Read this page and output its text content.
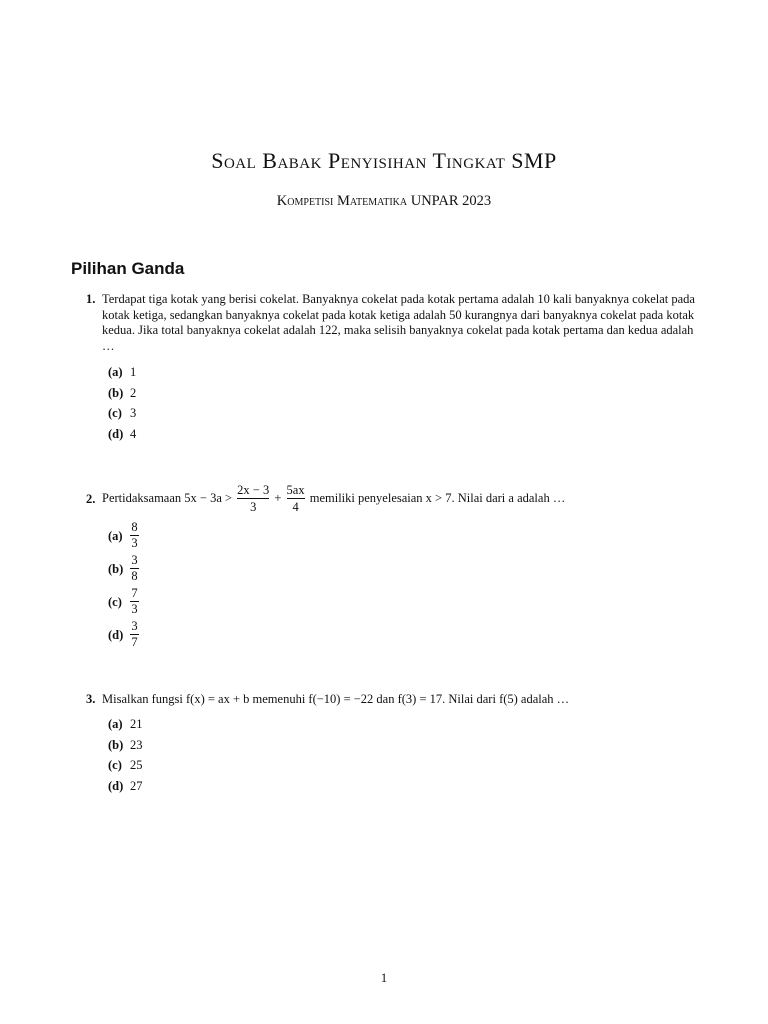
Soal Babak Penyisihan Tingkat SMP
Kompetisi Matematika UNPAR 2023
Pilihan Ganda
1. Terdapat tiga kotak yang berisi cokelat. Banyaknya cokelat pada kotak pertama adalah 10 kali banyaknya cokelat pada
kotak ketiga, sedangkan banyaknya cokelat pada kotak ketiga adalah 50 kurangnya dari banyaknya cokelat pada kotak
kedua. Jika total banyaknya cokelat adalah 122, maka selisih banyaknya cokelat pada kotak pertama dan kedua adalah
…
(a) 1
(b) 2
(c) 3
(d) 4
2. Pertidaksamaan $5x - 3a > \frac{2x - 3}{3} + \frac{5ax}{4}$ memiliki penyelesaian x > 7. Nilai dari a adalah …
(a)
8
3
(b)
3
8
(c)
7
3
(d)
3
7
3. Misalkan fungsi f(x) = ax + b memenuhi f(−10) = −22 dan f(3) = 17. Nilai dari f(5) adalah …
(a) 21
(b) 23
(c) 25
(d) 27
1
